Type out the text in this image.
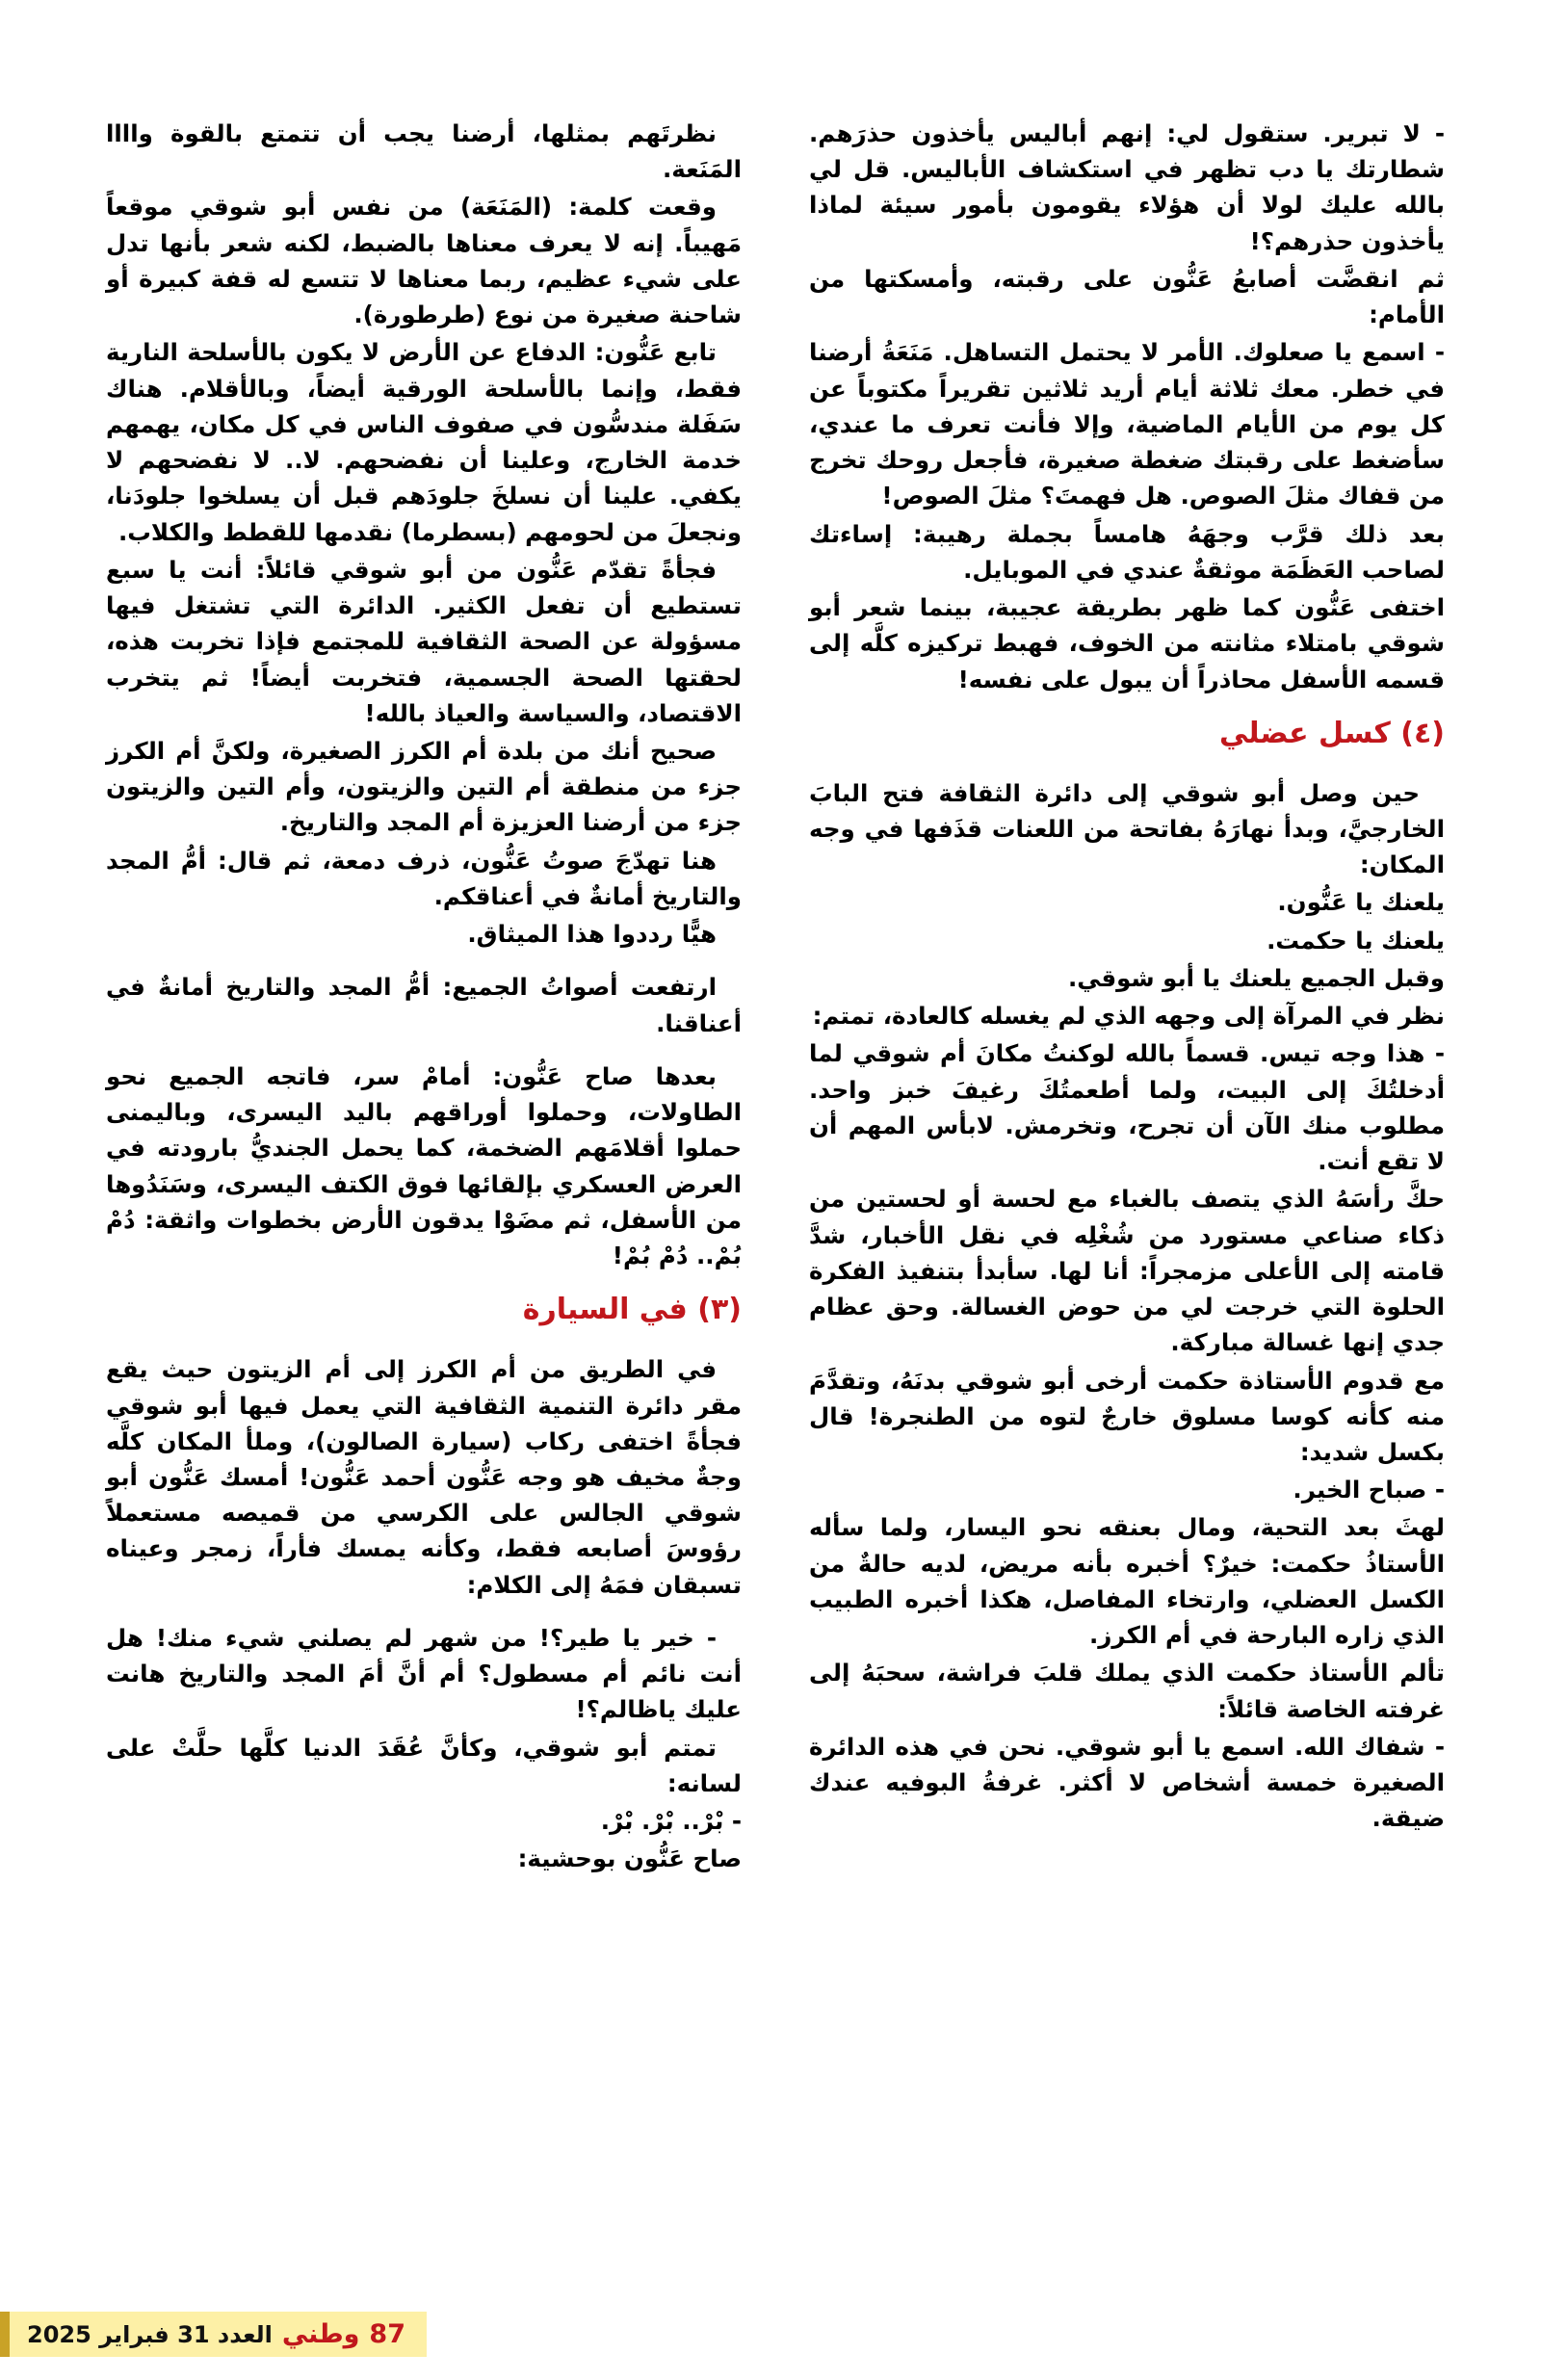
نظرتَهم بمثلها، أرضنا يجب أن تتمتع بالقوة واااا المَنَعة.

وقعت كلمة: (المَنَعَة) من نفس أبو شوقي موقعاً مَهيباً. إنه لا يعرف معناها بالضبط، لكنه شعر بأنها تدل على شيء عظيم، ربما معناها لا تتسع له قفة كبيرة أو شاحنة صغيرة من نوع (طرطورة).

تابع عَنُّون: الدفاع عن الأرض لا يكون بالأسلحة النارية فقط، وإنما بالأسلحة الورقية أيضاً، وبالأقلام. هناك سَفَلة مندسُّون في صفوف الناس في كل مكان، يهمهم خدمة الخارج، وعلينا أن نفضحهم. لا.. لا نفضحهم لا يكفي. علينا أن نسلخَ جلودَهم قبل أن يسلخوا جلودَنا، ونجعلَ من لحومهم (بسطرما) نقدمها للقطط والكلاب.

فجأةً تقدّم عَنُّون من أبو شوقي قائلاً: أنت يا سبع تستطيع أن تفعل الكثير. الدائرة التي تشتغل فيها مسؤولة عن الصحة الثقافية للمجتمع فإذا تخربت هذه، لحقتها الصحة الجسمية، فتخربت أيضاً! ثم يتخرب الاقتصاد، والسياسة والعياذ بالله!

صحيح أنك من بلدة أم الكرز الصغيرة، ولكنَّ أم الكرز جزء من منطقة أم التين والزيتون، وأم التين والزيتون جزء من أرضنا العزيزة أم المجد والتاريخ.

هنا تهدّجَ صوتُ عَنُّون، ذرف دمعة، ثم قال: أمُّ المجد والتاريخ أمانةٌ في أعناقكم.

هيًّا رددوا هذا الميثاق.

ارتفعت أصواتُ الجميع: أمُّ المجد والتاريخ أمانةٌ في أعناقنا.

بعدها صاح عَنُّون: أمامْ سر، فاتجه الجميع نحو الطاولات، وحملوا أوراقهم باليد اليسرى، وباليمنى حملوا أقلامَهم الضخمة، كما يحمل الجنديُّ بارودته في العرض العسكري بإلقائها فوق الكتف اليسرى، وسَنَدُوها من الأسفل، ثم مضَوْا يدقون الأرض بخطوات واثقة: دُمْ بُمْ.. دُمْ بُمْ!

(٣) في السيارة

في الطريق من أم الكرز إلى أم الزيتون حيث يقع مقر دائرة التنمية الثقافية التي يعمل فيها أبو شوقي فجأةً اختفى ركاب (سيارة الصالون)، وملأ المكان كلَّه وجةٌ مخيف هو وجه عَنُّون أحمد عَنُّون! أمسك عَنُّون أبو شوقي الجالس على الكرسي من قميصه مستعملاً رؤوسَ أصابعه فقط، وكأنه يمسك فأراً، زمجر وعيناه تسبقان فمَهُ إلى الكلام:

- خير يا طير؟! من شهر لم يصلني شيء منك! هل أنت نائم أم مسطول؟ أم أنَّ أمَ المجد والتاريخ هانت عليك ياظالم؟!

تمتم أبو شوقي، وكأنَّ عُقَدَ الدنيا كلَّها حلَّتْ على لسانه:

- بْرْ.. بْرْ. بْرْ.

صاح عَنُّون بوحشية:

- لا تبرير. ستقول لي: إنهم أباليس يأخذون حذرَهم. شطارتك يا دب تظهر في استكشاف الأباليس. قل لي بالله عليك لولا أن هؤلاء يقومون بأمور سيئة لماذا يأخذون حذرهم؟!

ثم انقضَّت أصابعُ عَنُّون على رقبته، وأمسكتها من الأمام:

- اسمع يا صعلوك. الأمر لا يحتمل التساهل. مَنَعَةُ أرضنا في خطر. معك ثلاثة أيام أريد ثلاثين تقريراً مكتوباً عن كل يوم من الأيام الماضية، وإلا فأنت تعرف ما عندي، سأضغط على رقبتك ضغطة صغيرة، فأجعل روحك تخرج من قفاك مثلَ الصوص. هل فهمتَ؟ مثلَ الصوص!

بعد ذلك قرَّب وجهَهُ هامساً بجملة رهيبة: إساءتك لصاحب العَظَمَة موثقةٌ عندي في الموبايل.

اختفى عَنُّون كما ظهر بطريقة عجيبة، بينما شعر أبو شوقي بامتلاء مثانته من الخوف، فهبط تركيزه كلَّه إلى قسمه الأسفل محاذراً أن يبول على نفسه!

(٤) كسل عضلي

حين وصل أبو شوقي إلى دائرة الثقافة فتح البابَ الخارجيَّ، وبدأ نهارَهُ بفاتحة من اللعنات قذَفها في وجه المكان:

يلعنك يا عَنُّون.

يلعنك يا حكمت.

وقبل الجميع يلعنك يا أبو شوقي.

نظر في المرآة إلى وجهه الذي لم يغسله كالعادة، تمتم:

- هذا وجه تيس. قسماً بالله لوكنتُ مكانَ أم شوقي لما أدخلتُكَ إلى البيت، ولما أطعمتُكَ رغيفَ خبز واحد. مطلوب منك الآن أن تجرح، وتخرمش. لابأس المهم أن لا تقع أنت.

حكَّ رأسَهُ الذي يتصف بالغباء مع لحسة أو لحستين من ذكاء صناعي مستورد من شُغْلِه في نقل الأخبار، شدَّ قامته إلى الأعلى مزمجراً: أنا لها. سأبدأ بتنفيذ الفكرة الحلوة التي خرجت لي من حوض الغسالة. وحق عظام جدي إنها غسالة مباركة.

مع قدوم الأستاذة حكمت أرخى أبو شوقي بدنَهُ، وتقدَّمَ منه كأنه كوسا مسلوق خارجٌ لتوه من الطنجرة! قال بكسل شديد:

- صباح الخير.

لهثَ بعد التحية، ومال بعنقه نحو اليسار، ولما سأله الأستاذُ حكمت: خيرٌ؟ أخبره بأنه مريض، لديه حالةٌ من الكسل العضلي، وارتخاء المفاصل، هكذا أخبره الطبيب الذي زاره البارحة في أم الكرز.

تألم الأستاذ حكمت الذي يملك قلبَ فراشة، سحبَهُ إلى غرفته الخاصة قائلاً:

- شفاك الله. اسمع يا أبو شوقي. نحن في هذه الدائرة الصغيرة خمسة أشخاص لا أكثر. غرفةُ البوفيه عندك ضيقة.

87
وطني
العدد 31 فبراير 2025
